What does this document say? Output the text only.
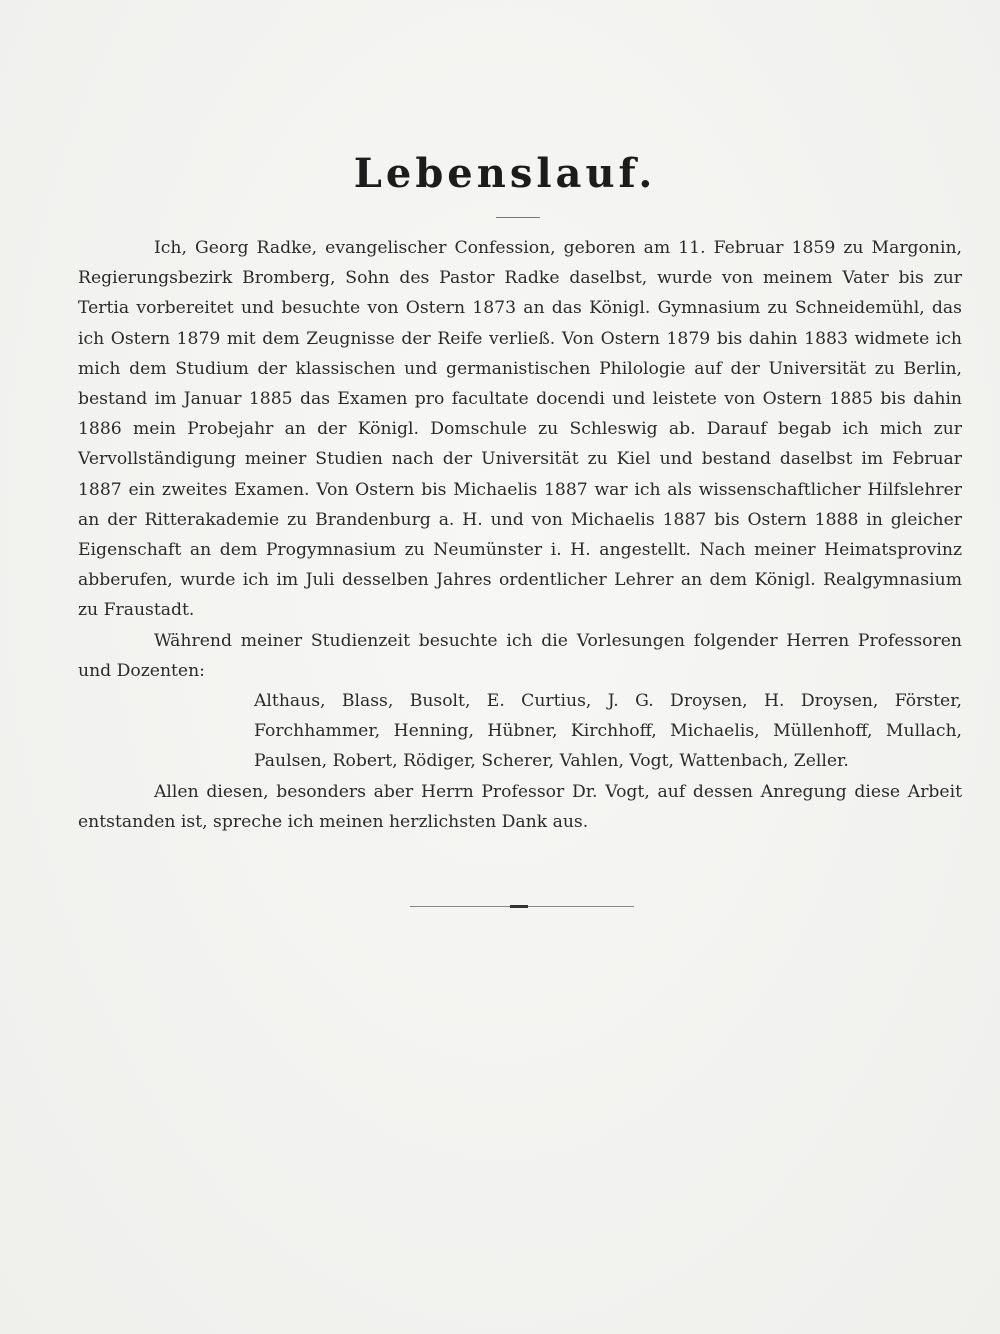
Lebenslauf.

Ich, Georg Radke, evangelischer Confession, geboren am 11. Februar 1859 zu Margonin, Regierungsbezirk Bromberg, Sohn des Pastor Radke daselbst, wurde von meinem Vater bis zur Tertia vorbereitet und besuchte von Ostern 1873 an das Königl. Gymnasium zu Schneidemühl, das ich Ostern 1879 mit dem Zeugnisse der Reife verließ. Von Ostern 1879 bis dahin 1883 widmete ich mich dem Studium der klassischen und germanistischen Philologie auf der Universität zu Berlin, bestand im Januar 1885 das Examen pro facultate docendi und leistete von Ostern 1885 bis dahin 1886 mein Probejahr an der Königl. Domschule zu Schleswig ab. Darauf begab ich mich zur Vervollständigung meiner Studien nach der Universität zu Kiel und bestand daselbst im Februar 1887 ein zweites Examen. Von Ostern bis Michaelis 1887 war ich als wissenschaftlicher Hilfslehrer an der Ritterakademie zu Brandenburg a. H. und von Michaelis 1887 bis Ostern 1888 in gleicher Eigenschaft an dem Progymnasium zu Neumünster i. H. angestellt. Nach meiner Heimatsprovinz abberufen, wurde ich im Juli desselben Jahres ordentlicher Lehrer an dem Königl. Realgymnasium zu Fraustadt.

Während meiner Studienzeit besuchte ich die Vorlesungen folgender Herren Professoren und Dozenten:

Althaus, Blass, Busolt, E. Curtius, J. G. Droysen, H. Droysen, Förster, Forchhammer, Henning, Hübner, Kirchhoff, Michaelis, Müllenhoff, Mullach, Paulsen, Robert, Rödiger, Scherer, Vahlen, Vogt, Wattenbach, Zeller.

Allen diesen, besonders aber Herrn Professor Dr. Vogt, auf dessen Anregung diese Arbeit entstanden ist, spreche ich meinen herzlichsten Dank aus.
